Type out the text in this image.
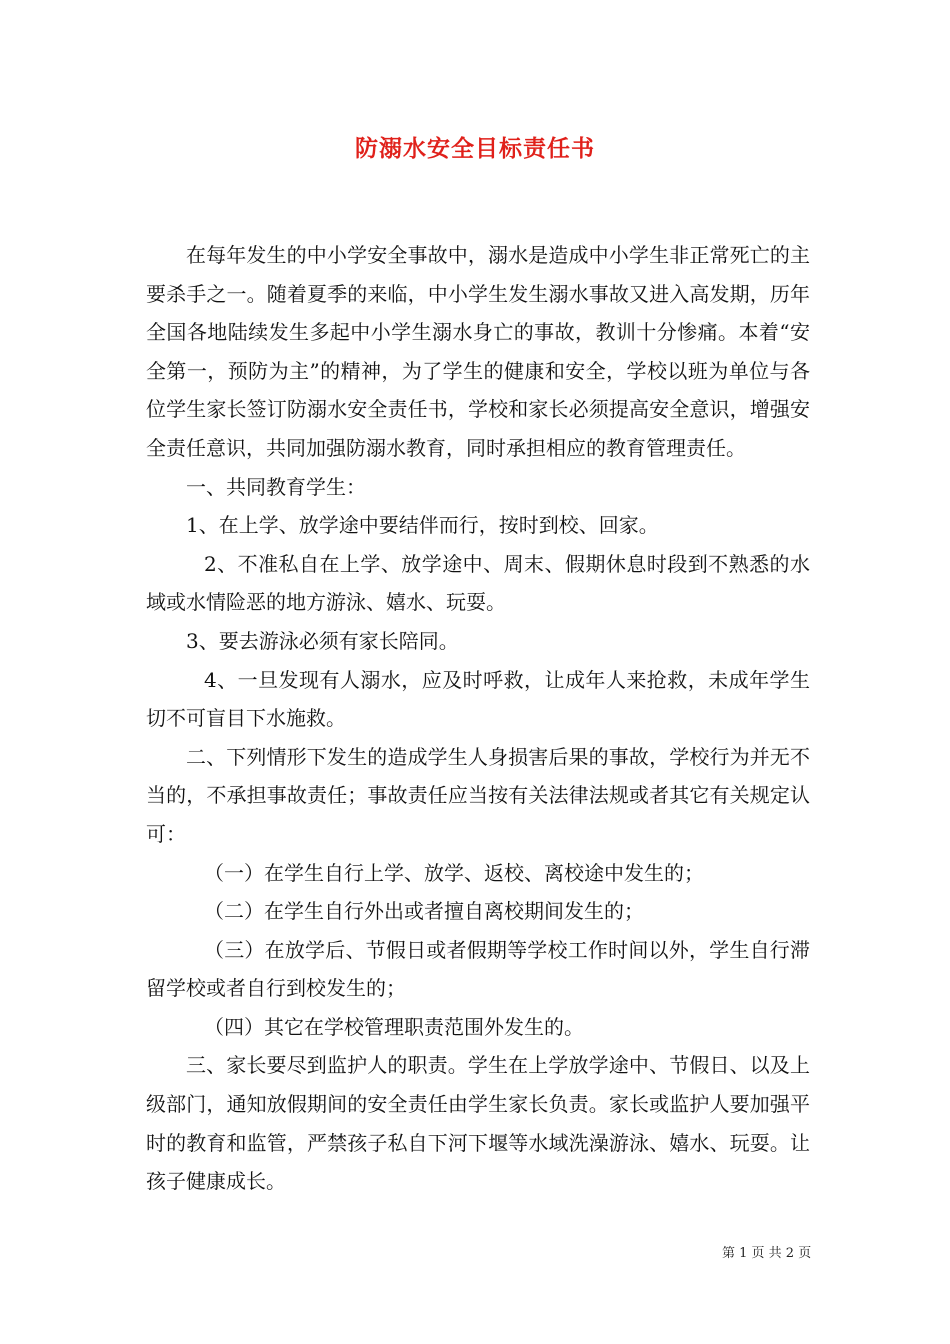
防溺水安全目标责任书

在每年发生的中小学安全事故中，溺水是造成中小学生非正常死亡的主要杀手之一。随着夏季的来临，中小学生发生溺水事故又进入高发期，历年全国各地陆续发生多起中小学生溺水身亡的事故，教训十分惨痛。本着“安全第一，预防为主”的精神，为了学生的健康和安全，学校以班为单位与各位学生家长签订防溺水安全责任书，学校和家长必须提高安全意识，增强安全责任意识，共同加强防溺水教育，同时承担相应的教育管理责任。

一、共同教育学生：

1、在上学、放学途中要结伴而行，按时到校、回家。

2、不准私自在上学、放学途中、周末、假期休息时段到不熟悉的水域或水情险恶的地方游泳、嬉水、玩耍。

3、要去游泳必须有家长陪同。

4、一旦发现有人溺水，应及时呼救，让成年人来抢救，未成年学生切不可盲目下水施救。

二、下列情形下发生的造成学生人身损害后果的事故，学校行为并无不当的，不承担事故责任；事故责任应当按有关法律法规或者其它有关规定认可：

（一）在学生自行上学、放学、返校、离校途中发生的；

（二）在学生自行外出或者擅自离校期间发生的；

（三）在放学后、节假日或者假期等学校工作时间以外，学生自行滞留学校或者自行到校发生的；

（四）其它在学校管理职责范围外发生的。

三、家长要尽到监护人的职责。学生在上学放学途中、节假日、以及上级部门，通知放假期间的安全责任由学生家长负责。家长或监护人要加强平时的教育和监管，严禁孩子私自下河下堰等水域洗澡游泳、嬉水、玩耍。让孩子健康成长。

第 1 页 共 2 页
